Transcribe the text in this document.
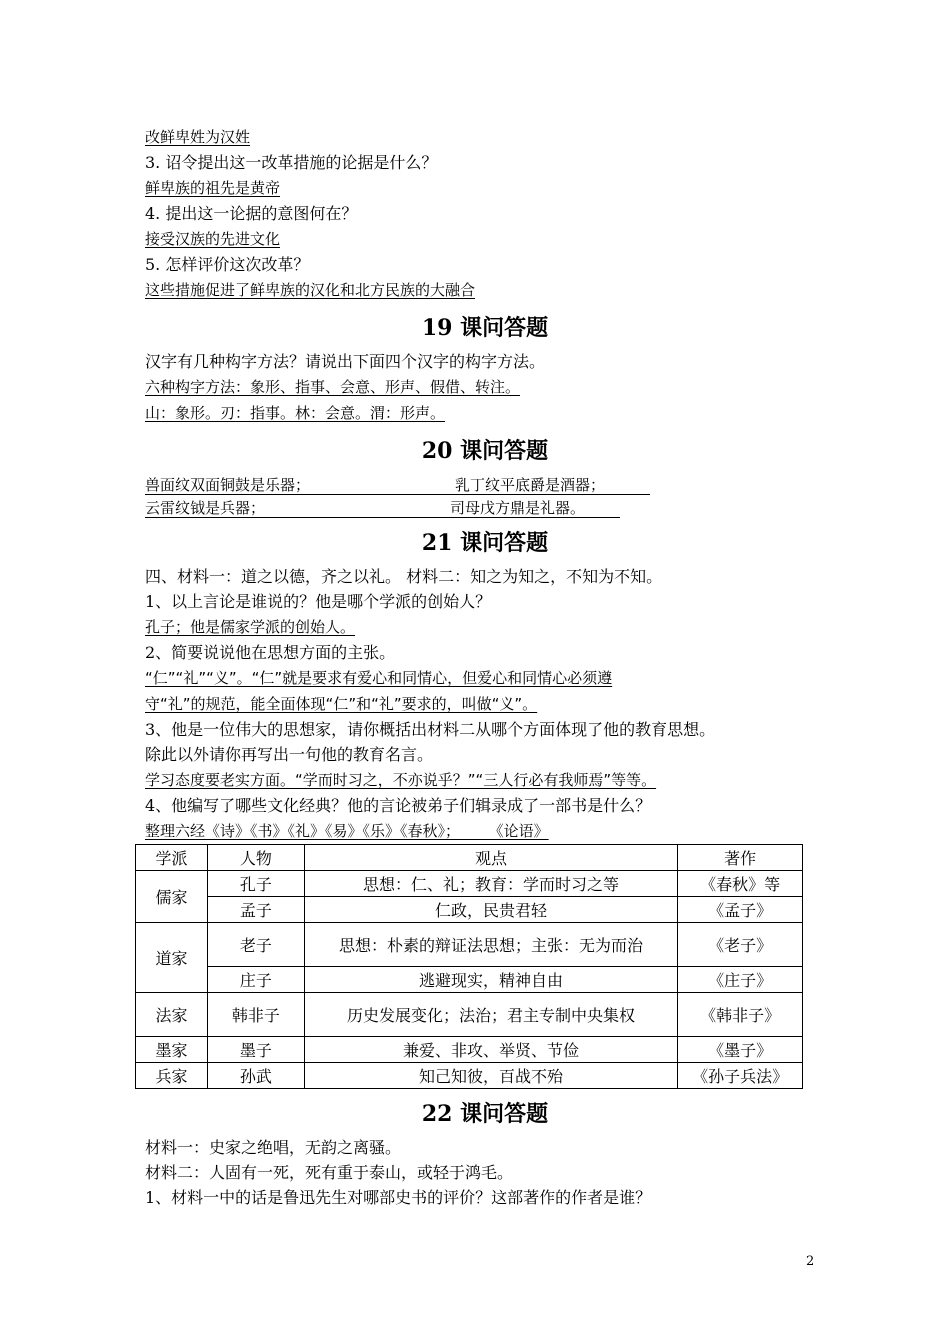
改鲜卑姓为汉姓
3. 诏令提出这一改革措施的论据是什么？
鲜卑族的祖先是黄帝
4. 提出这一论据的意图何在？
接受汉族的先进文化
5. 怎样评价这次改革？
这些措施促进了鲜卑族的汉化和北方民族的大融合
19 课问答题
汉字有几种构字方法？请说出下面四个汉字的构字方法。
六种构字方法：象形、指事、会意、形声、假借、转注。
山：象形。刃：指事。林：会意。渭：形声。
20 课问答题
兽面纹双面铜鼓是乐器；	乳丁纹平底爵是酒器；
云雷纹钺是兵器；	司母戊方鼎是礼器。
21 课问答题
四、材料一：道之以德，齐之以礼。 材料二：知之为知之，不知为不知。
1、以上言论是谁说的？他是哪个学派的创始人？
孔子；他是儒家学派的创始人。
2、简要说说他在思想方面的主张。
“仁”“礼”“义”。“仁”就是要求有爱心和同情心，但爱心和同情心必须遵
守“礼”的规范，能全面体现“仁”和“礼”要求的，叫做“义”。
3、他是一位伟大的思想家，请你概括出材料二从哪个方面体现了他的教育思想。
除此以外请你再写出一句他的教育名言。
学习态度要老实方面。“学而时习之，不亦说乎？”“三人行必有我师焉”等等。
4、他编写了哪些文化经典？他的言论被弟子们辑录成了一部书是什么？
整理六经《诗》《书》《礼》《易》《乐》《春秋》；      《论语》
学派	人物	观点	著作
儒家	孔子	思想：仁、礼；教育：学而时习之等	《春秋》等
	孟子	仁政，民贵君轻	《孟子》
道家	老子	思想：朴素的辩证法思想；主张：无为而治	《老子》
	庄子	逃避现实，精神自由	《庄子》
法家	韩非子	历史发展变化；法治；君主专制中央集权	《韩非子》
墨家	墨子	兼爱、非攻、举贤、节俭	《墨子》
兵家	孙武	知己知彼，百战不殆	《孙子兵法》
22 课问答题
材料一：史家之绝唱，无韵之离骚。
材料二：人固有一死，死有重于泰山，或轻于鸿毛。
1、材料一中的话是鲁迅先生对哪部史书的评价？这部著作的作者是谁？
2
